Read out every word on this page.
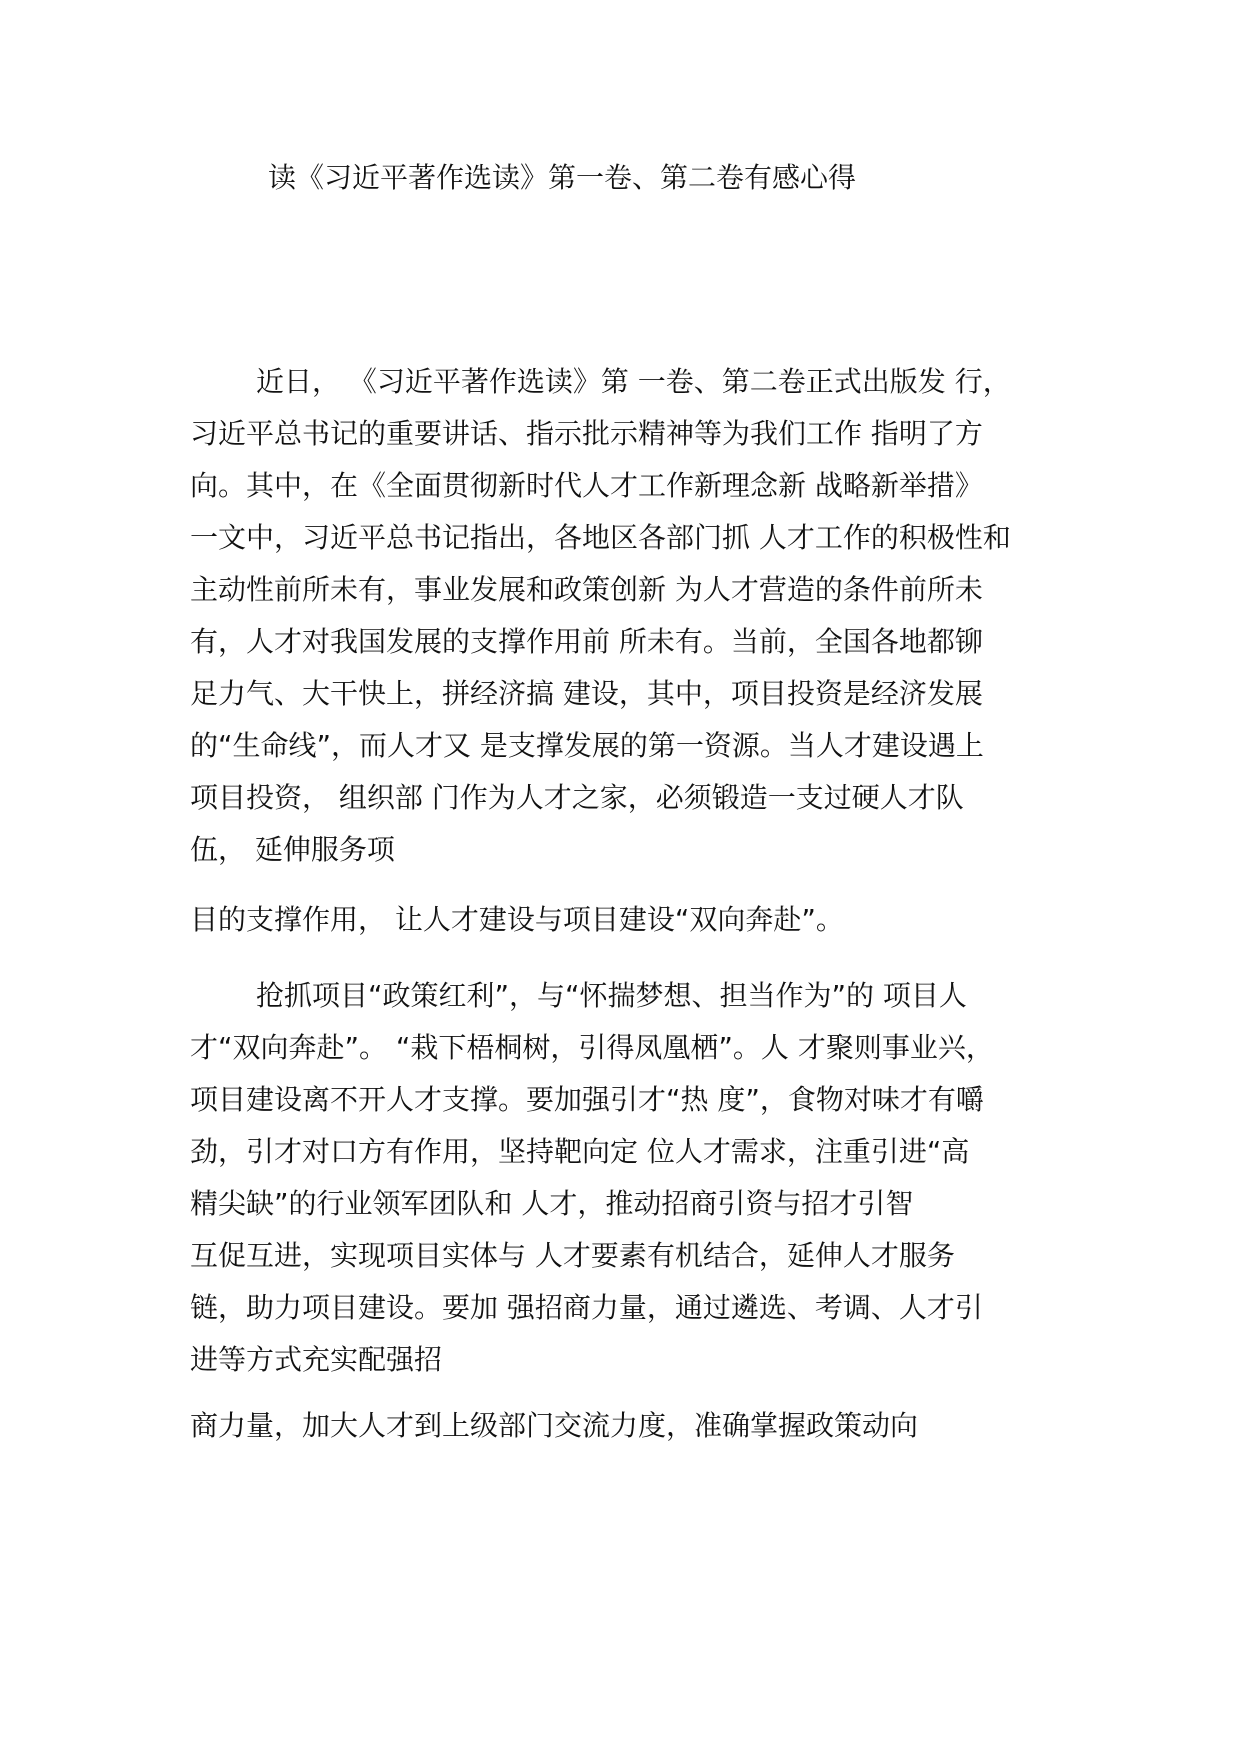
读《习近平著作选读》第一卷、第二卷有感心得
近日， 《习近平著作选读》第 一卷、第二卷正式出版发 行，
习近平总书记的重要讲话、指示批示精神等为我们工作 指明了方
向。其中，在《全面贯彻新时代人才工作新理念新 战略新举措》
一文中，习近平总书记指出，各地区各部门抓 人才工作的积极性和
主动性前所未有，事业发展和政策创新 为人才营造的条件前所未
有，人才对我国发展的支撑作用前 所未有。当前，全国各地都铆
足力气、大干快上，拼经济搞 建设，其中，项目投资是经济发展
的“生命线”，而人才又 是支撑发展的第一资源。当人才建设遇上
项目投资， 组织部 门作为人才之家，必须锻造一支过硬人才队
伍， 延伸服务项
目的支撑作用， 让人才建设与项目建设“双向奔赴”。
抢抓项目“政策红利”，与“怀揣梦想、担当作为”的 项目人
才“双向奔赴”。 “栽下梧桐树，引得凤凰栖”。人 才聚则事业兴，
项目建设离不开人才支撑。要加强引才“热 度”，食物对味才有嚼
劲，引才对口方有作用，坚持靶向定 位人才需求，注重引进“高
精尖缺”的行业领军团队和 人才，推动招商引资与招才引智
互促互进，实现项目实体与 人才要素有机结合，延伸人才服务
链，助力项目建设。要加 强招商力量，通过遴选、考调、人才引
进等方式充实配强招
商力量，加大人才到上级部门交流力度，准确掌握政策动向
